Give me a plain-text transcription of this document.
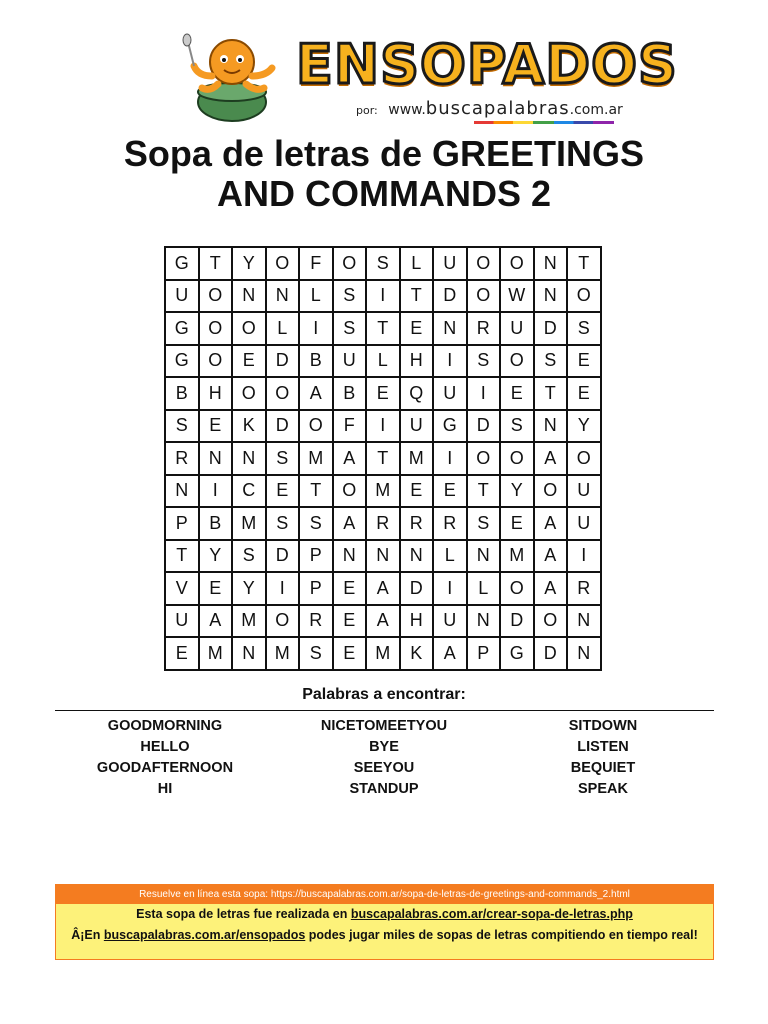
ENSOPADOS
por: www.buscapalabras.com.ar
Sopa de letras de GREETINGS
AND COMMANDS 2
G	T	Y	O	F	O	S	L	U	O	O	N	T
U	O	N	N	L	S	I	T	D	O	W	N	O
G	O	O	L	I	S	T	E	N	R	U	D	S
G	O	E	D	B	U	L	H	I	S	O	S	E
B	H	O	O	A	B	E	Q	U	I	E	T	E
S	E	K	D	O	F	I	U	G	D	S	N	Y
R	N	N	S	M	A	T	M	I	O	O	A	O
N	I	C	E	T	O	M	E	E	T	Y	O	U
P	B	M	S	S	A	R	R	R	S	E	A	U
T	Y	S	D	P	N	N	N	L	N	M	A	I
V	E	Y	I	P	E	A	D	I	L	O	A	R
U	A	M	O	R	E	A	H	U	N	D	O	N
E	M	N	M	S	E	M	K	A	P	G	D	N
Palabras a encontrar:
GOODMORNING
HELLO
GOODAFTERNOON
HI
NICETOMEETYOU
BYE
SEEYOU
STANDUP
SITDOWN
LISTEN
BEQUIET
SPEAK
Resuelve en línea esta sopa: https://buscapalabras.com.ar/sopa-de-letras-de-greetings-and-commands_2.html
Esta sopa de letras fue realizada en buscapalabras.com.ar/crear-sopa-de-letras.php
Â¡En buscapalabras.com.ar/ensopados podes jugar miles de sopas de letras compitiendo en tiempo real!
